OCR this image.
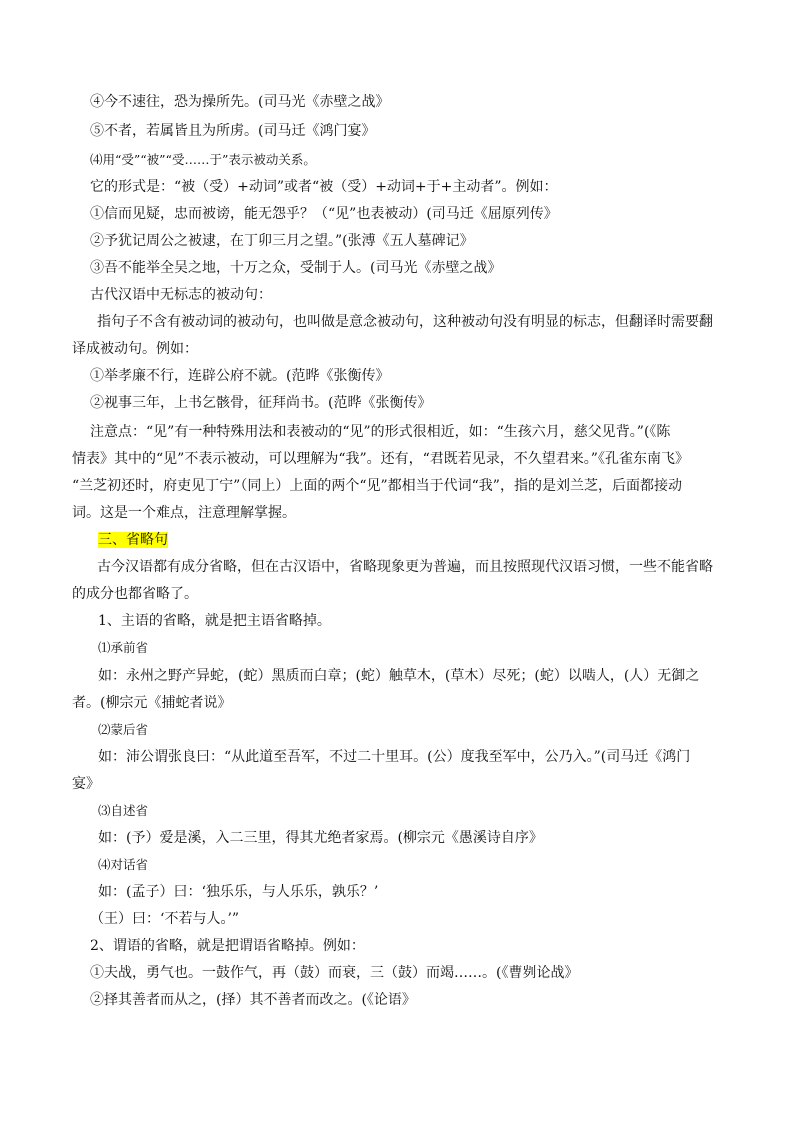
④今不速往，恐为操所先。(司马光《赤壁之战》
⑤不者，若属皆且为所虏。(司马迁《鸿门宴》
⑷用“受”“被”“受……于”表示被动关系。
它的形式是：“被（受）+动词”或者“被（受）+动词+于+主动者”。例如：
①信而见疑，忠而被谤，能无怨乎？（“见”也表被动）(司马迁《屈原列传》
②予犹记周公之被逮，在丁卯三月之望。”(张溥《五人墓碑记》
③吾不能举全吴之地，十万之众，受制于人。(司马光《赤壁之战》
古代汉语中无标志的被动句：
指句子不含有被动词的被动句，也叫做是意念被动句，这种被动句没有明显的标志，但翻译时需要翻
译成被动句。例如：
①举孝廉不行，连辟公府不就。(范晔《张衡传》
②视事三年，上书乞骸骨，征拜尚书。(范晔《张衡传》
注意点：“见”有一种特殊用法和表被动的“见”的形式很相近，如：“生孩六月，慈父见背。”(《陈
情表》其中的“见”不表示被动，可以理解为“我”。还有，“君既若见录，不久望君来。”《孔雀东南飞》
“兰芝初还时，府吏见丁宁”（同上）上面的两个“见”都相当于代词“我”，指的是刘兰芝，后面都接动
词。这是一个难点，注意理解掌握。
三、省略句
古今汉语都有成分省略，但在古汉语中，省略现象更为普遍，而且按照现代汉语习惯，一些不能省略
的成分也都省略了。
1、主语的省略，就是把主语省略掉。
⑴承前省
如：永州之野产异蛇，(蛇）黑质而白章；(蛇）触草木，(草木）尽死；(蛇）以啮人，(人）无御之
者。(柳宗元《捕蛇者说》
⑵蒙后省
如：沛公谓张良曰：“从此道至吾军，不过二十里耳。(公）度我至军中，公乃入。”(司马迁《鸿门
宴》
⑶自述省
如：(予）爱是溪，入二三里，得其尤绝者家焉。(柳宗元《愚溪诗自序》
⑷对话省
如：(孟子）曰：‘独乐乐，与人乐乐，孰乐？’
（王）曰：‘不若与人。’”
2、谓语的省略，就是把谓语省略掉。例如：
①夫战，勇气也。一鼓作气，再（鼓）而衰，三（鼓）而竭……。(《曹刿论战》
②择其善者而从之，(择）其不善者而改之。(《论语》
